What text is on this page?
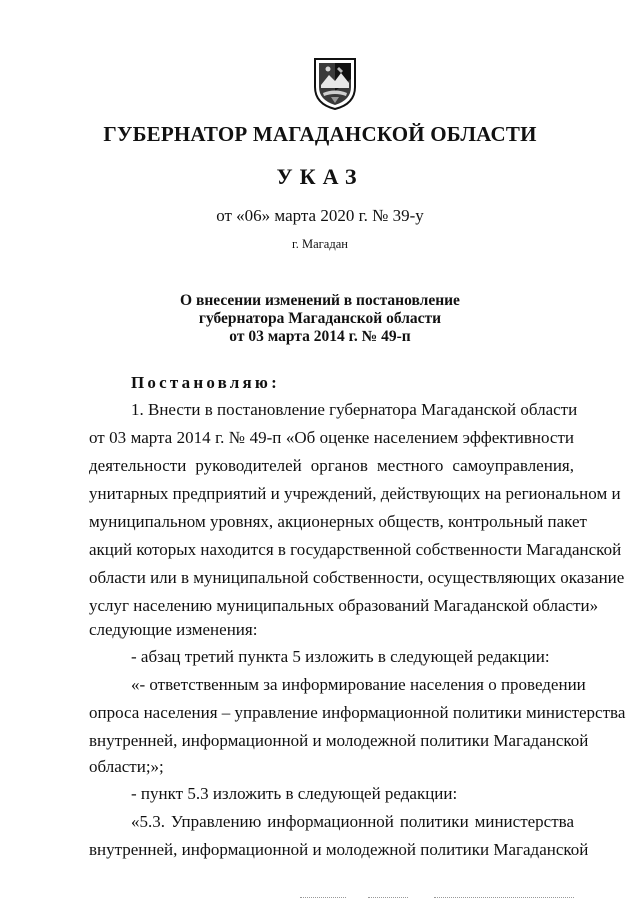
ГУБЕРНАТОР МАГАДАНСКОЙ ОБЛАСТИ
УКАЗ
от «06» марта 2020 г. № 39-у
г. Магадан
О внесении изменений в постановление
губернатора Магаданской области
от 03 марта 2014 г. № 49-п
Постановляю:
1. Внести в постановление губернатора Магаданской области
от 03 марта 2014 г. № 49-п «Об оценке населением эффективности
деятельности руководителей органов местного самоуправления,
унитарных предприятий и учреждений, действующих на региональном и
муниципальном уровнях, акционерных обществ, контрольный пакет
акций которых находится в государственной собственности Магаданской
области или в муниципальной собственности, осуществляющих оказание
услуг населению муниципальных образований Магаданской области»
следующие изменения:
- абзац третий пункта 5 изложить в следующей редакции:
«- ответственным за информирование населения о проведении
опроса населения – управление информационной политики министерства
внутренней, информационной и молодежной политики Магаданской
области;»;
- пункт 5.3 изложить в следующей редакции:
«5.3. Управлению информационной политики министерства
внутренней, информационной и молодежной политики Магаданской
